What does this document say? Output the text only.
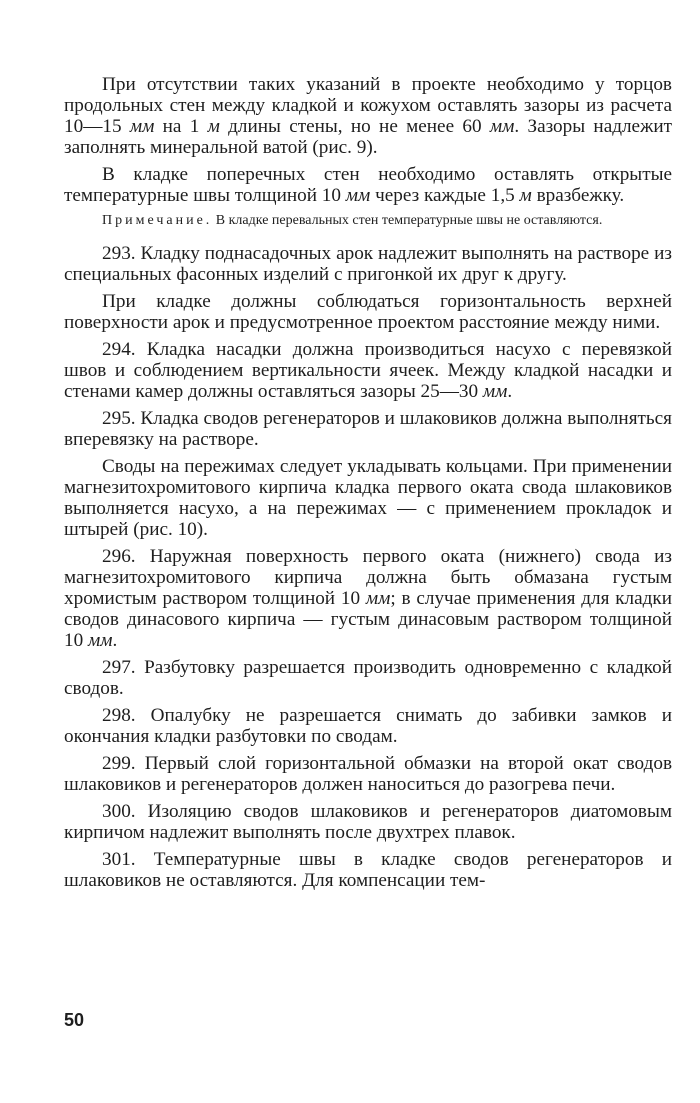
При отсутствии таких указаний в проекте необходимо у торцов продольных стен между кладкой и кожухом оставлять зазоры из расчета 10—15 мм на 1 м длины стены, но не менее 60 мм. Зазоры надлежит заполнять минеральной ватой (рис. 9).

В кладке поперечных стен необходимо оставлять открытые температурные швы толщиной 10 мм через каждые 1,5 м вразбежку.

Примечание. В кладке перевальных стен температурные швы не оставляются.

293. Кладку поднасадочных арок надлежит выполнять на растворе из специальных фасонных изделий с пригонкой их друг к другу.

При кладке должны соблюдаться горизонтальность верхней поверхности арок и предусмотренное проектом расстояние между ними.

294. Кладка насадки должна производиться насухо с перевязкой швов и соблюдением вертикальности ячеек. Между кладкой насадки и стенами камер должны оставляться зазоры 25—30 мм.

295. Кладка сводов регенераторов и шлаковиков должна выполняться вперевязку на растворе.

Своды на пережимах следует укладывать кольцами. При применении магнезитохромитового кирпича кладка первого оката свода шлаковиков выполняется насухо, а на пережимах — с применением прокладок и штырей (рис. 10).

296. Наружная поверхность первого оката (нижнего) свода из магнезитохромитового кирпича должна быть обмазана густым хромистым раствором толщиной 10 мм; в случае применения для кладки сводов динасового кирпича — густым динасовым раствором толщиной 10 мм.

297. Разбутовку разрешается производить одновременно с кладкой сводов.

298. Опалубку не разрешается снимать до забивки замков и окончания кладки разбутовки по сводам.

299. Первый слой горизонтальной обмазки на второй окат сводов шлаковиков и регенераторов должен наноситься до разогрева печи.

300. Изоляцию сводов шлаковиков и регенераторов диатомовым кирпичом надлежит выполнять после двухтрех плавок.

301. Температурные швы в кладке сводов регенераторов и шлаковиков не оставляются. Для компенсации тем-

50
